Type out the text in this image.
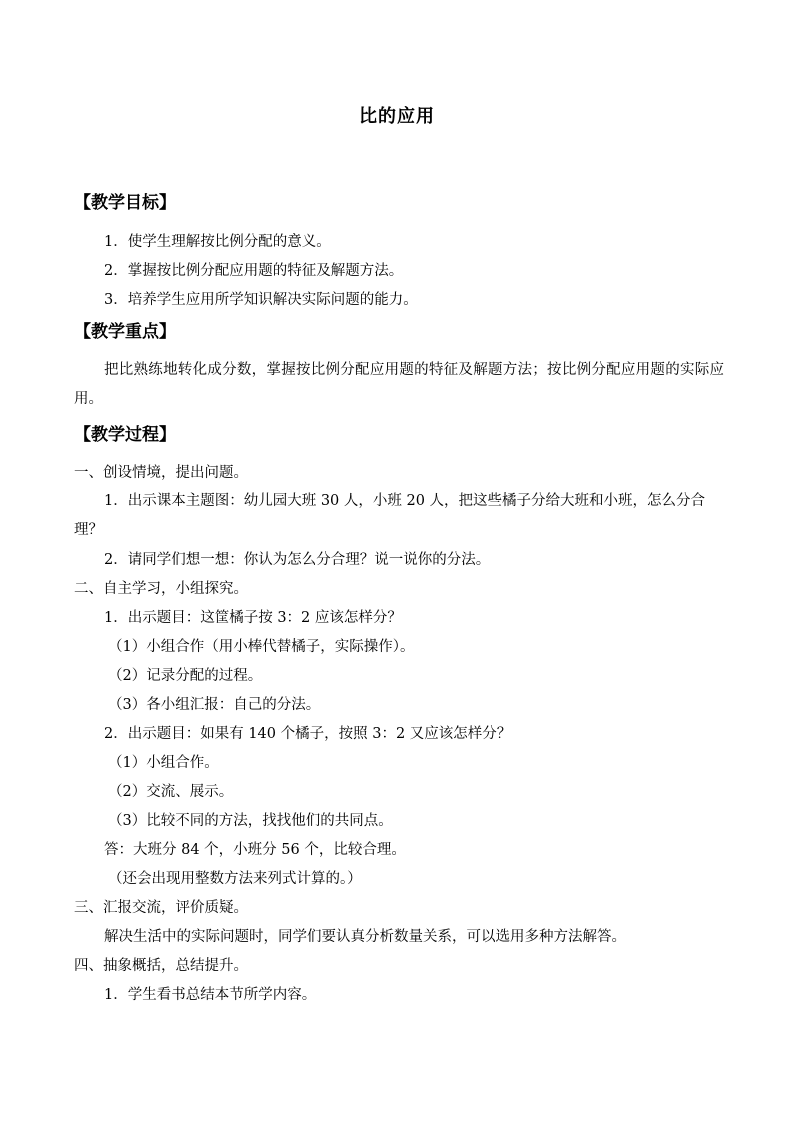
比的应用
【教学目标】
1．使学生理解按比例分配的意义。
2．掌握按比例分配应用题的特征及解题方法。
3．培养学生应用所学知识解决实际问题的能力。
【教学重点】
把比熟练地转化成分数，掌握按比例分配应用题的特征及解题方法；按比例分配应用题的实际应用。
【教学过程】
一、创设情境，提出问题。
1．出示课本主题图：幼儿园大班 30 人，小班 20 人，把这些橘子分给大班和小班，怎么分合理？
2．请同学们想一想：你认为怎么分合理？说一说你的分法。
二、自主学习，小组探究。
1．出示题目：这筐橘子按 3：2 应该怎样分？
（1）小组合作（用小棒代替橘子，实际操作）。
（2）记录分配的过程。
（3）各小组汇报：自己的分法。
2．出示题目：如果有 140 个橘子，按照 3：2 又应该怎样分？
（1）小组合作。
（2）交流、展示。
（3）比较不同的方法，找找他们的共同点。
答：大班分 84 个，小班分 56 个，比较合理。
（还会出现用整数方法来列式计算的。）
三、汇报交流，评价质疑。
解决生活中的实际问题时，同学们要认真分析数量关系，可以选用多种方法解答。
四、抽象概括，总结提升。
1．学生看书总结本节所学内容。
